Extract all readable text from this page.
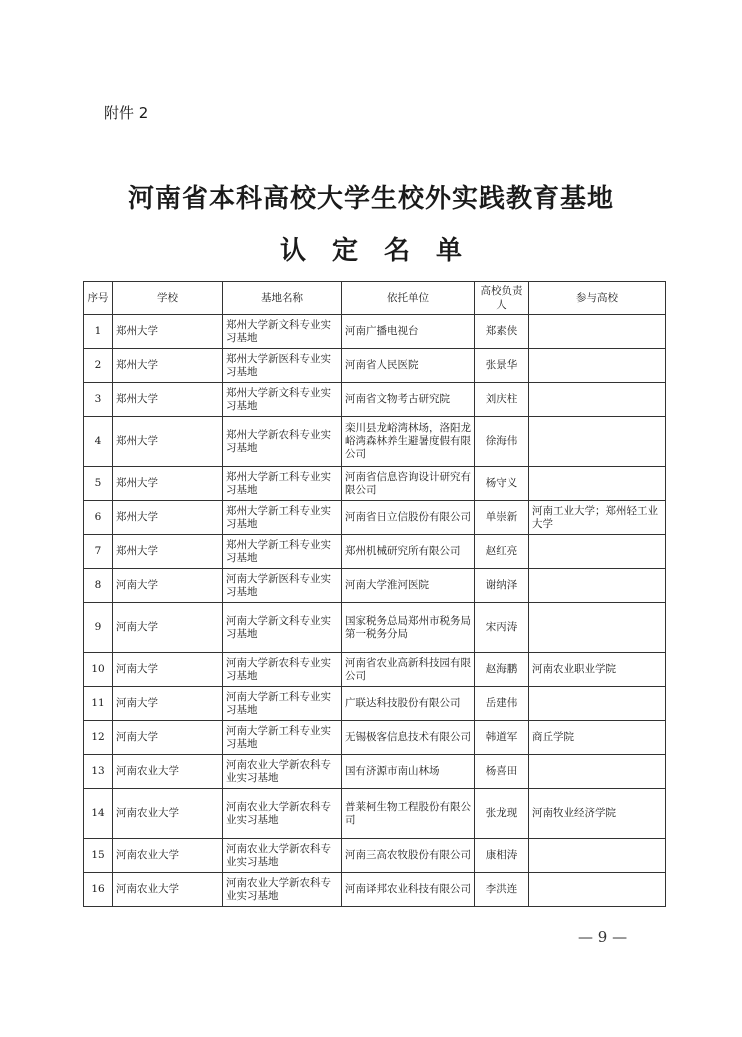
附件 2
河南省本科高校大学生校外实践教育基地
认定名单
序号	学校	基地名称	依托单位	高校负责人	参与高校
1	郑州大学	郑州大学新文科专业实习基地	河南广播电视台	郑素侠	
2	郑州大学	郑州大学新医科专业实习基地	河南省人民医院	张景华	
3	郑州大学	郑州大学新文科专业实习基地	河南省文物考古研究院	刘庆柱	
4	郑州大学	郑州大学新农科专业实习基地	栾川县龙峪湾林场，洛阳龙峪湾森林养生避暑度假有限公司	徐海伟	
5	郑州大学	郑州大学新工科专业实习基地	河南省信息咨询设计研究有限公司	杨守义	
6	郑州大学	郑州大学新工科专业实习基地	河南省日立信股份有限公司	单崇新	河南工业大学；郑州轻工业大学
7	郑州大学	郑州大学新工科专业实习基地	郑州机械研究所有限公司	赵红亮	
8	河南大学	河南大学新医科专业实习基地	河南大学淮河医院	谢纳泽	
9	河南大学	河南大学新文科专业实习基地	国家税务总局郑州市税务局第一税务分局	宋丙涛	
10	河南大学	河南大学新农科专业实习基地	河南省农业高新科技园有限公司	赵海鹏	河南农业职业学院
11	河南大学	河南大学新工科专业实习基地	广联达科技股份有限公司	岳建伟	
12	河南大学	河南大学新工科专业实习基地	无锡极客信息技术有限公司	韩道军	商丘学院
13	河南农业大学	河南农业大学新农科专业实习基地	国有济源市南山林场	杨喜田	
14	河南农业大学	河南农业大学新农科专业实习基地	普莱柯生物工程股份有限公司	张龙现	河南牧业经济学院
15	河南农业大学	河南农业大学新农科专业实习基地	河南三高农牧股份有限公司	康相涛	
16	河南农业大学	河南农业大学新农科专业实习基地	河南译邦农业科技有限公司	李洪连	
— 9 —
